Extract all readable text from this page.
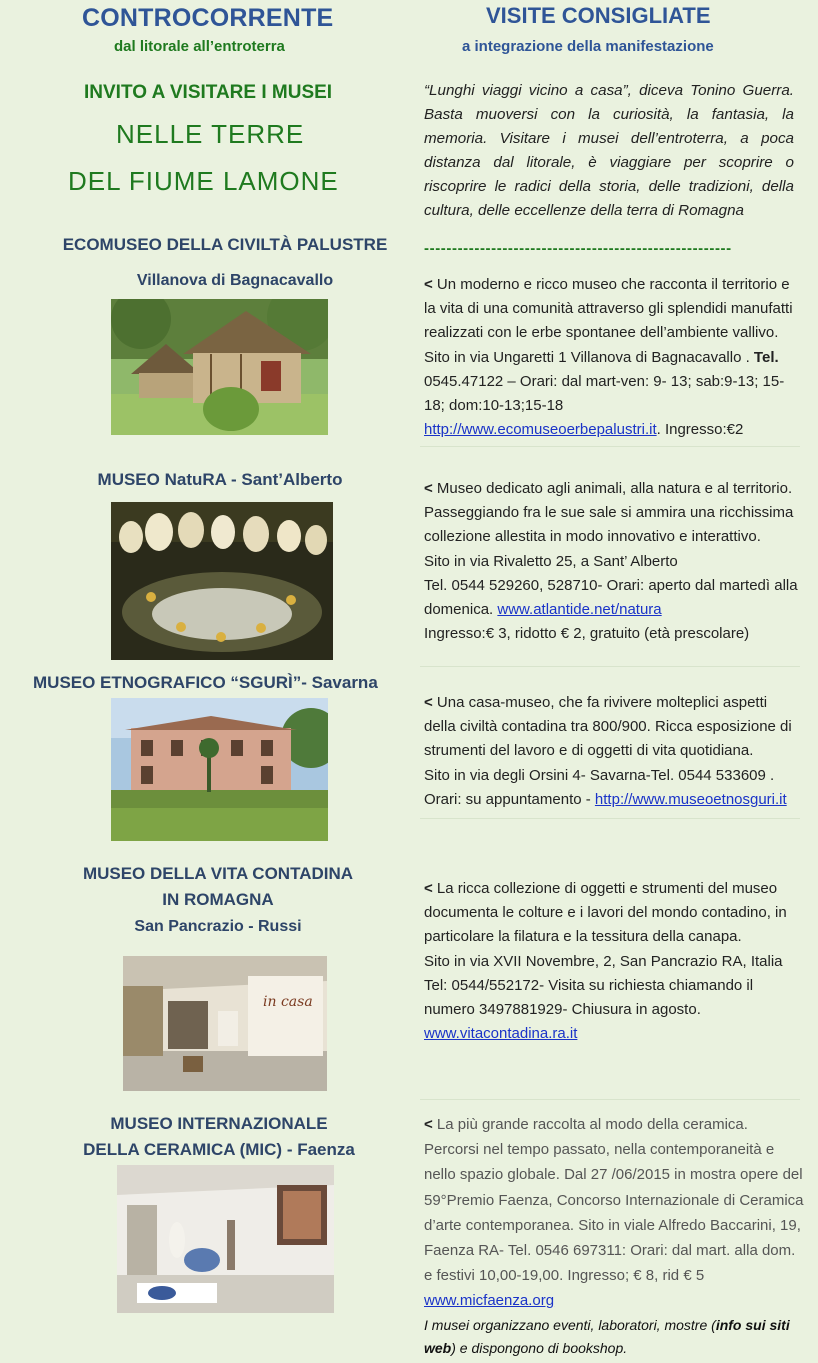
CONTROCORRENTE
dal litorale all’entroterra
VISITE CONSIGLIATE
a integrazione della manifestazione
INVITO A VISITARE I MUSEI
NELLE TERRE
DEL FIUME LAMONE
“Lunghi viaggi vicino a casa”, diceva Tonino Guerra. Basta muoversi con la curiosità, la fantasia, la memoria. Visitare i musei dell’entroterra, a poca distanza dal litorale, è viaggiare per scoprire o riscoprire le radici della storia, delle tradizioni, della cultura, delle eccellenze della terra di Romagna
-------------------------------------------------------
ECOMUSEO DELLA CIVILTÀ PALUSTRE
Villanova di Bagnacavallo	< Un moderno e ricco museo che racconta il territorio e la vita di una comunità attraverso gli splendidi manufatti realizzati con le erbe spontanee dell’ambiente vallivo. Sito in via Ungaretti 1 Villanova di Bagnacavallo . Tel. 0545.47122 – Orari: dal mart-ven: 9- 13; sab:9-13; 15-18; dom:10-13;15-18 http://www.ecomuseoerbepalustri.it. Ingresso:€2
MUSEO NatuRA - Sant’Alberto	< Museo dedicato agli animali, alla natura e al territorio. Passeggiando fra le sue sale si ammira una ricchissima collezione allestita in modo innovativo e interattivo.
Sito in via Rivaletto 25, a Sant’ Alberto
Tel. 0544 529260, 528710- Orari: aperto dal martedì alla domenica. www.atlantide.net/natura
Ingresso:€ 3, ridotto € 2, gratuito (età prescolare)
MUSEO ETNOGRAFICO “SGURÌ”- Savarna
< Una casa-museo, che fa rivivere molteplici aspetti della civiltà contadina tra 800/900. Ricca esposizione di strumenti del lavoro e di oggetti di vita quotidiana.
Sito in via degli Orsini 4- Savarna-Tel. 0544 533609 .
Orari: su appuntamento - http://www.museoetnosguri.it
MUSEO DELLA VITA CONTADINA
IN ROMAGNA
San Pancrazio - Russi
in casa
< La ricca collezione di oggetti e strumenti del museo documenta le colture e i lavori del mondo contadino, in particolare la filatura e la tessitura della canapa.
Sito in via XVII Novembre, 2, San Pancrazio RA, Italia Tel: 0544/552172- Visita su richiesta chiamando il numero 3497881929- Chiusura in agosto.
www.vitacontadina.ra.it
MUSEO INTERNAZIONALE
DELLA CERAMICA (MIC) - Faenza
< La più grande raccolta al modo della ceramica. Percorsi nel tempo passato, nella contemporaneità e nello spazio globale. Dal 27 /06/2015 in mostra opere del 59°Premio Faenza, Concorso Internazionale di Ceramica d’arte contemporanea. Sito in viale Alfredo Baccarini, 19, Faenza RA- Tel. 0546 697311: Orari: dal mart. alla dom. e festivi 10,00-19,00. Ingresso; € 8, rid € 5 www.micfaenza.org
I musei organizzano eventi, laboratori, mostre (info sui siti web) e dispongono di bookshop.
